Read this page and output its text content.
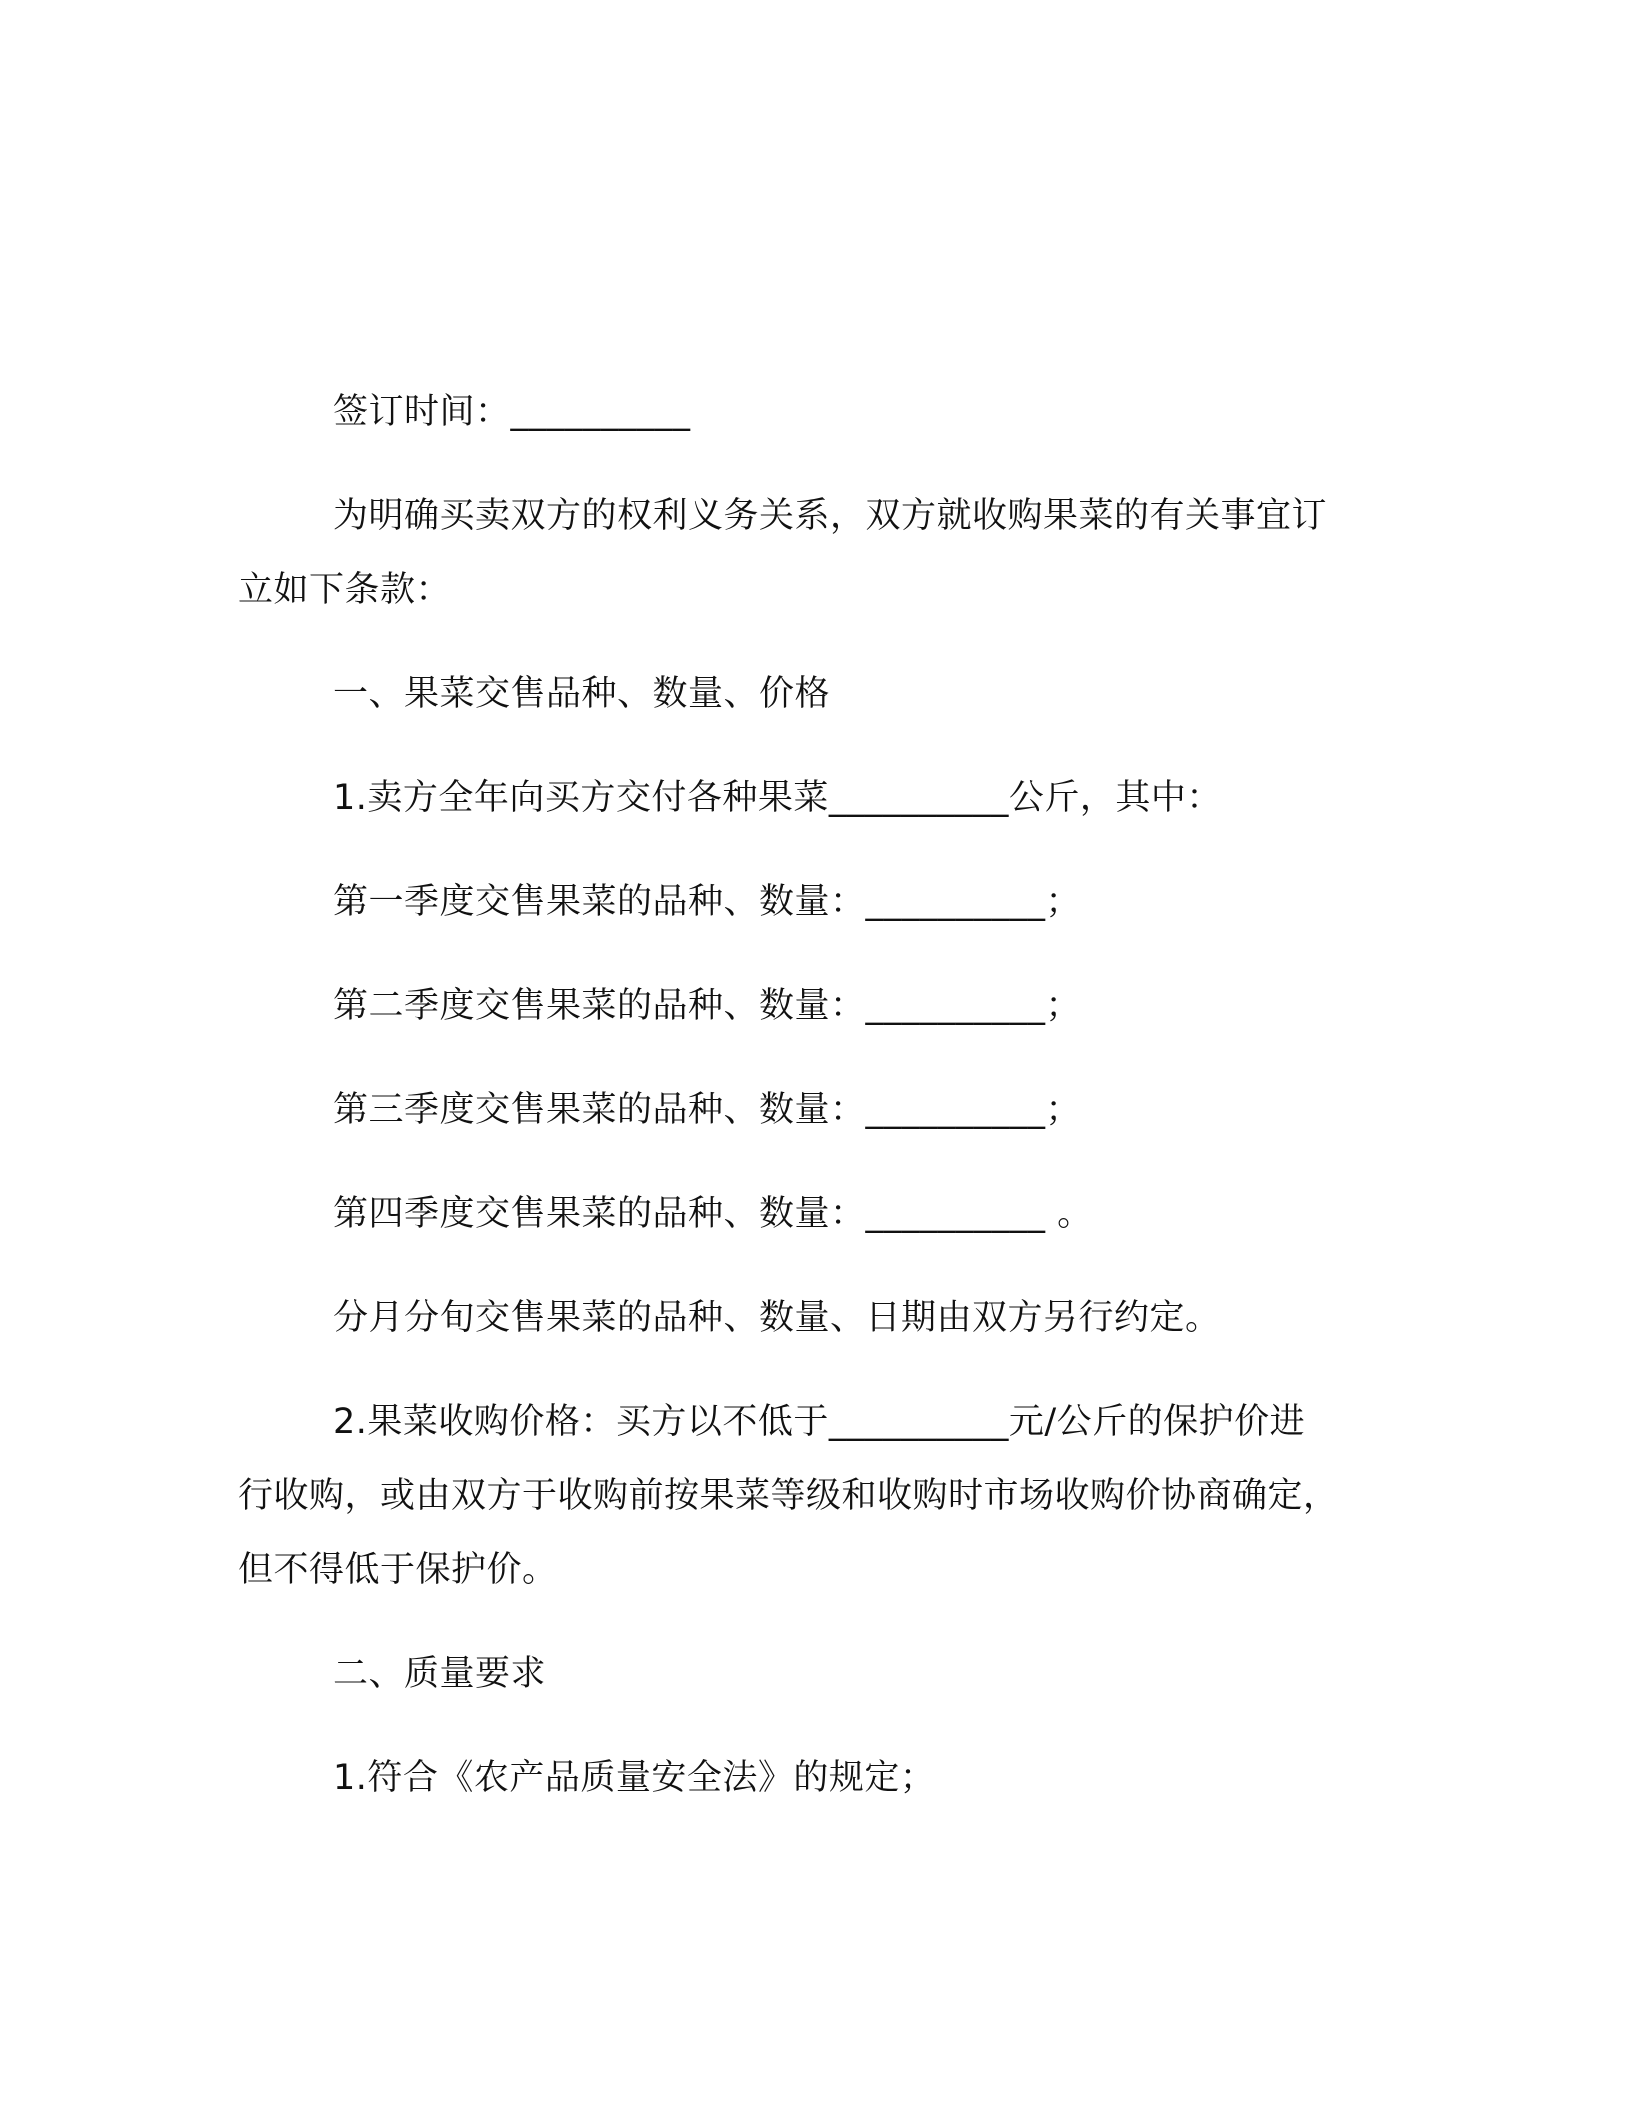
签订时间：__________
为明确买卖双方的权利义务关系，双方就收购果菜的有关事宜订
立如下条款：
一、果菜交售品种、数量、价格
1.卖方全年向买方交付各种果菜__________公斤，其中：
第一季度交售果菜的品种、数量：__________；
第二季度交售果菜的品种、数量：__________；
第三季度交售果菜的品种、数量：__________；
第四季度交售果菜的品种、数量：__________ 。
分月分旬交售果菜的品种、数量、日期由双方另行约定。
2.果菜收购价格：买方以不低于__________元/公斤的保护价进
行收购，或由双方于收购前按果菜等级和收购时市场收购价协商确定，
但不得低于保护价。
二、质量要求
1.符合《农产品质量安全法》的规定；
